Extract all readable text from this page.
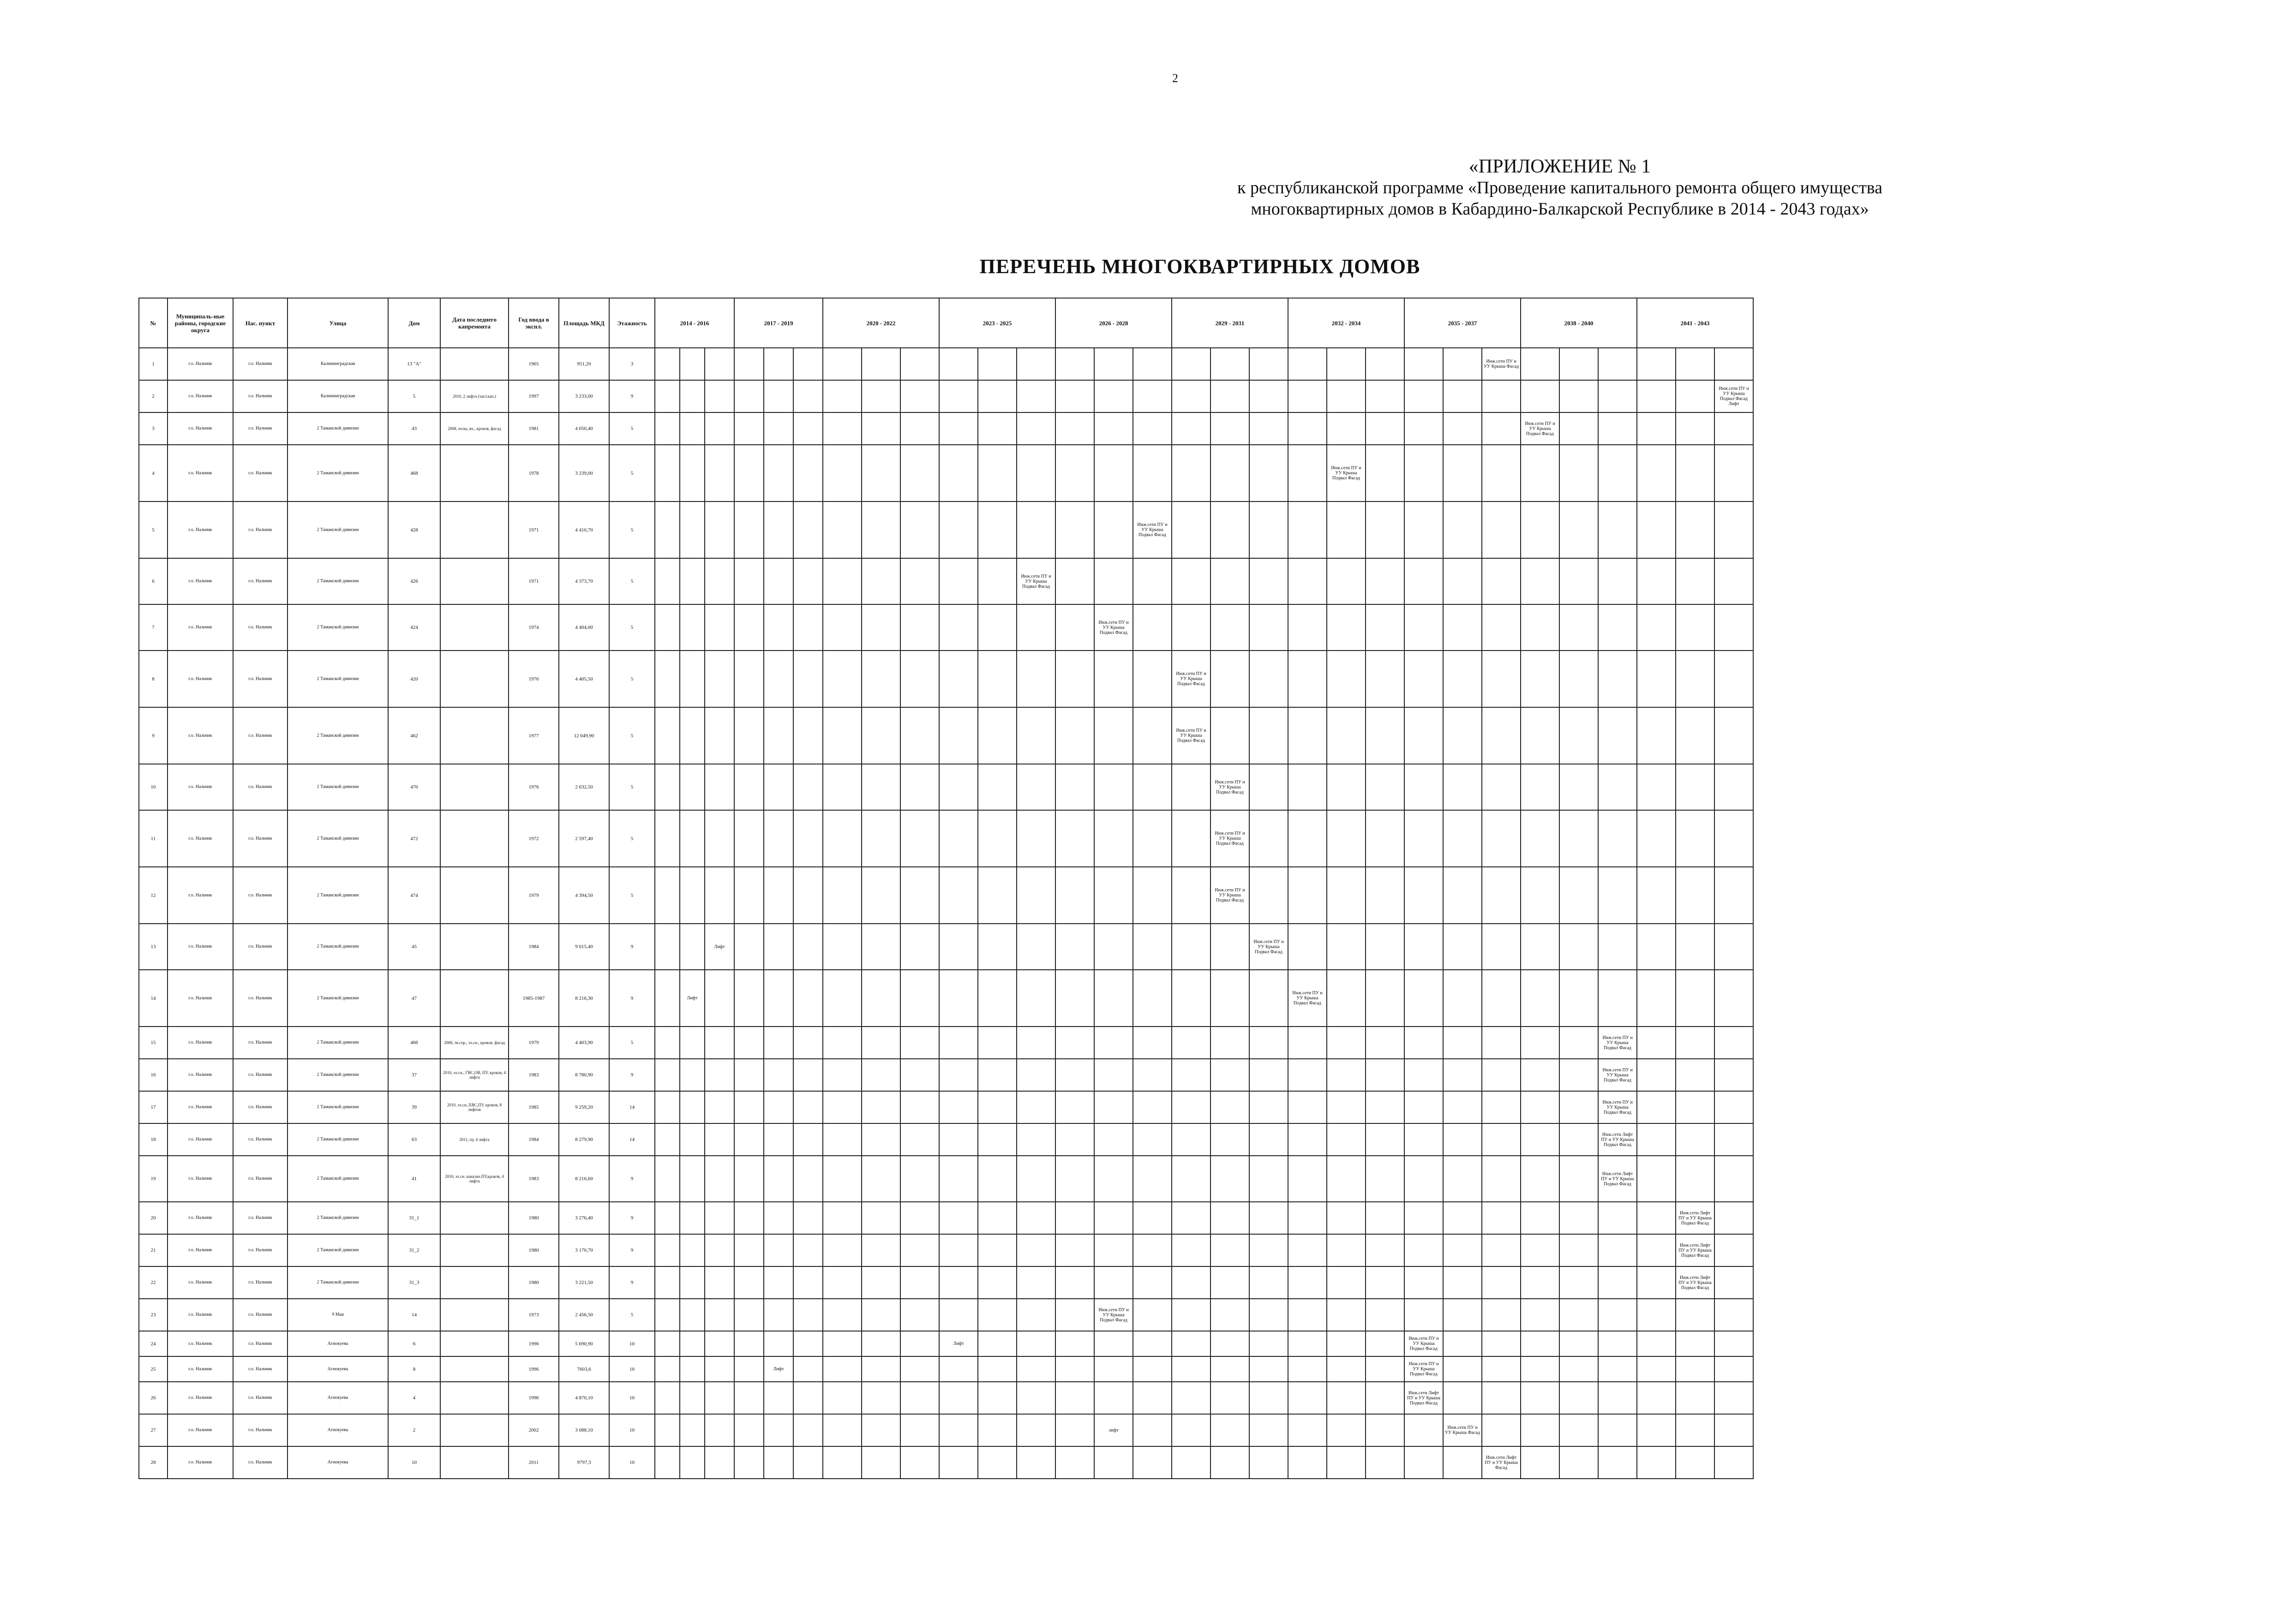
2
«ПРИЛОЖЕНИЕ № 1
к республиканской программе «Проведение капитального ремонта общего имущества
многоквартирных домов в Кабардино-Балкарской Республике в 2014 - 2043 годах»
ПЕРЕЧЕНЬ МНОГОКВАРТИРНЫХ ДОМОВ
№	Муниципаль-ные районы, городские округа	Нас. пункт	Улица	Дом	Дата последнего капремонта	Год ввода в экспл.	Площадь МКД	Этажность	2014 - 2016			2017 - 2019			2020 - 2022			2023 - 2025			2026 - 2028			2029 - 2031			2032 - 2034			2035 - 2037			2038 - 2040			2041 - 2043		
1	г.о. Нальчик	г.о. Нальчик	Калининградская	13 "А"		1965	951,20	3																								Инж.сети ПУ и УУ Крыша Фасад						
2	г.о. Нальчик	г.о. Нальчик	Калининградская	5	2010, 2 лифта (част.кап.)	1997	3 233,00	9																														Инж.сети ПУ и УУ Крыша Подвал Фасад Лифт
3	г.о. Нальчик	г.о. Нальчик	2 Таманской дивизии	43	2008, полы, вх., кровля, фасад	1981	4 050,40	5																									Инж.сети ПУ и УУ Крыша Подвал Фасад					
4	г.о. Нальчик	г.о. Нальчик	2 Таманской дивизии	468		1978	3 239,00	5																				Инж.сети ПУ и УУ Крыша Подвал Фасад										
5	г.о. Нальчик	г.о. Нальчик	2 Таманской дивизии	428		1971	4 410,70	5															Инж.сети ПУ и УУ Крыша Подвал Фасад															
6	г.о. Нальчик	г.о. Нальчик	2 Таманской дивизии	426		1971	4 373,70	5												Инж.сети ПУ и УУ Крыша Подвал Фасад																		
7	г.о. Нальчик	г.о. Нальчик	2 Таманской дивизии	424		1974	4 404,00	5														Инж.сети ПУ и УУ Крыша Подвал Фасад																
8	г.о. Нальчик	г.о. Нальчик	2 Таманской дивизии	420		1976	4 405,50	5																Инж.сети ПУ и УУ Крыша Подвал Фасад														
9	г.о. Нальчик	г.о. Нальчик	2 Таманской дивизии	462		1977	12 049,90	5																Инж.сети ПУ и УУ Крыша Подвал Фасад														
10	г.о. Нальчик	г.о. Нальчик	2 Таманской дивизии	470		1976	2 632,50	5																	Инж.сети ПУ и УУ Крыша Подвал Фасад													
11	г.о. Нальчик	г.о. Нальчик	2 Таманской дивизии	472		1972	2 597,40	5																	Инж.сети ПУ и УУ Крыша Подвал Фасад													
12	г.о. Нальчик	г.о. Нальчик	2 Таманской дивизии	474		1979	4 394,50	5																	Инж.сети ПУ и УУ Крыша Подвал Фасад													
13	г.о. Нальчик	г.о. Нальчик	2 Таманской дивизии	45		1984	9 015,40	9			Лифт															Инж.сети ПУ и УУ Крыша Подвал Фасад												
14	г.о. Нальчик	г.о. Нальчик	2 Таманской дивизии	47		1985-1987	8 216,30	9		Лифт																	Инж.сети ПУ и УУ Крыша Подвал Фасад											
15	г.о. Нальчик	г.о. Нальчик	2 Таманской дивизии	466	2008, тв.сор., эл.сн., кровля, фасад	1979	4 403,90	5																											Инж.сети ПУ и УУ Крыша Подвал Фасад			
16	г.о. Нальчик	г.о. Нальчик	2 Таманской дивизии	37	2010, эл.сн., ГВС,ОВ, ПУ, кровля, 4 лифта	1983	8 780,90	9																											Инж.сети ПУ и УУ Крыша Подвал Фасад			
17	г.о. Нальчик	г.о. Нальчик	2 Таманской дивизии	39	2010, эл.сн.,ХВС,ПУ, кровля, 8 лифтов	1985	9 259,20	14																											Инж.сети ПУ и УУ Крыша Подвал Фасад			
18	г.о. Нальчик	г.о. Нальчик	2 Таманской дивизии	63	2011, пу, 4 лифта	1984	8 279,90	14																											Инж.сети Лифт ПУ и УУ Крыша Подвал Фасад			
19	г.о. Нальчик	г.о. Нальчик	2 Таманской дивизии	41	2010, эл.сн. канализ.ПУ,кровля, 4 лифта	1983	8 216,60	9																											Инж.сети Лифт ПУ и УУ Крыша Подвал Фасад			
20	г.о. Нальчик	г.о. Нальчик	2 Таманской дивизии	31_1		1980	3 276,40	9																													Инж.сети Лифт ПУ и УУ Крыша Подвал Фасад	
21	г.о. Нальчик	г.о. Нальчик	2 Таманской дивизии	31_2		1980	3 170,70	9																													Инж.сети Лифт ПУ и УУ Крыша Подвал Фасад	
22	г.о. Нальчик	г.о. Нальчик	2 Таманской дивизии	31_3		1980	3 221,50	9																													Инж.сети Лифт ПУ и УУ Крыша Подвал Фасад	
23	г.о. Нальчик	г.о. Нальчик	9 Мая	14		1973	2 456,50	5														Инж.сети ПУ и УУ Крыша Подвал Фасад																
24	г.о. Нальчик	г.о. Нальчик	Агнокуева	6		1996	5 690,90	10										Лифт												Инж.сети ПУ и УУ Крыша Подвал Фасад								
25	г.о. Нальчик	г.о. Нальчик	Агнокуева	8		1996	7603,6	10					Лифт																	Инж.сети ПУ и УУ Крыша Подвал Фасад								
26	г.о. Нальчик	г.о. Нальчик	Агнокуева	4		1996	4 870,10	10																						Инж.сети Лифт ПУ и УУ Крыша Подвал Фасад								
27	г.о. Нальчик	г.о. Нальчик	Агнокуева	2		2002	3 088,10	10														лифт									Инж.сети ПУ и УУ Крыша Фасад							
28	г.о. Нальчик	г.о. Нальчик	Агнокуева	10		2011	9797,3	10																								Инж.сети Лифт ПУ и УУ Крыша Фасад						
